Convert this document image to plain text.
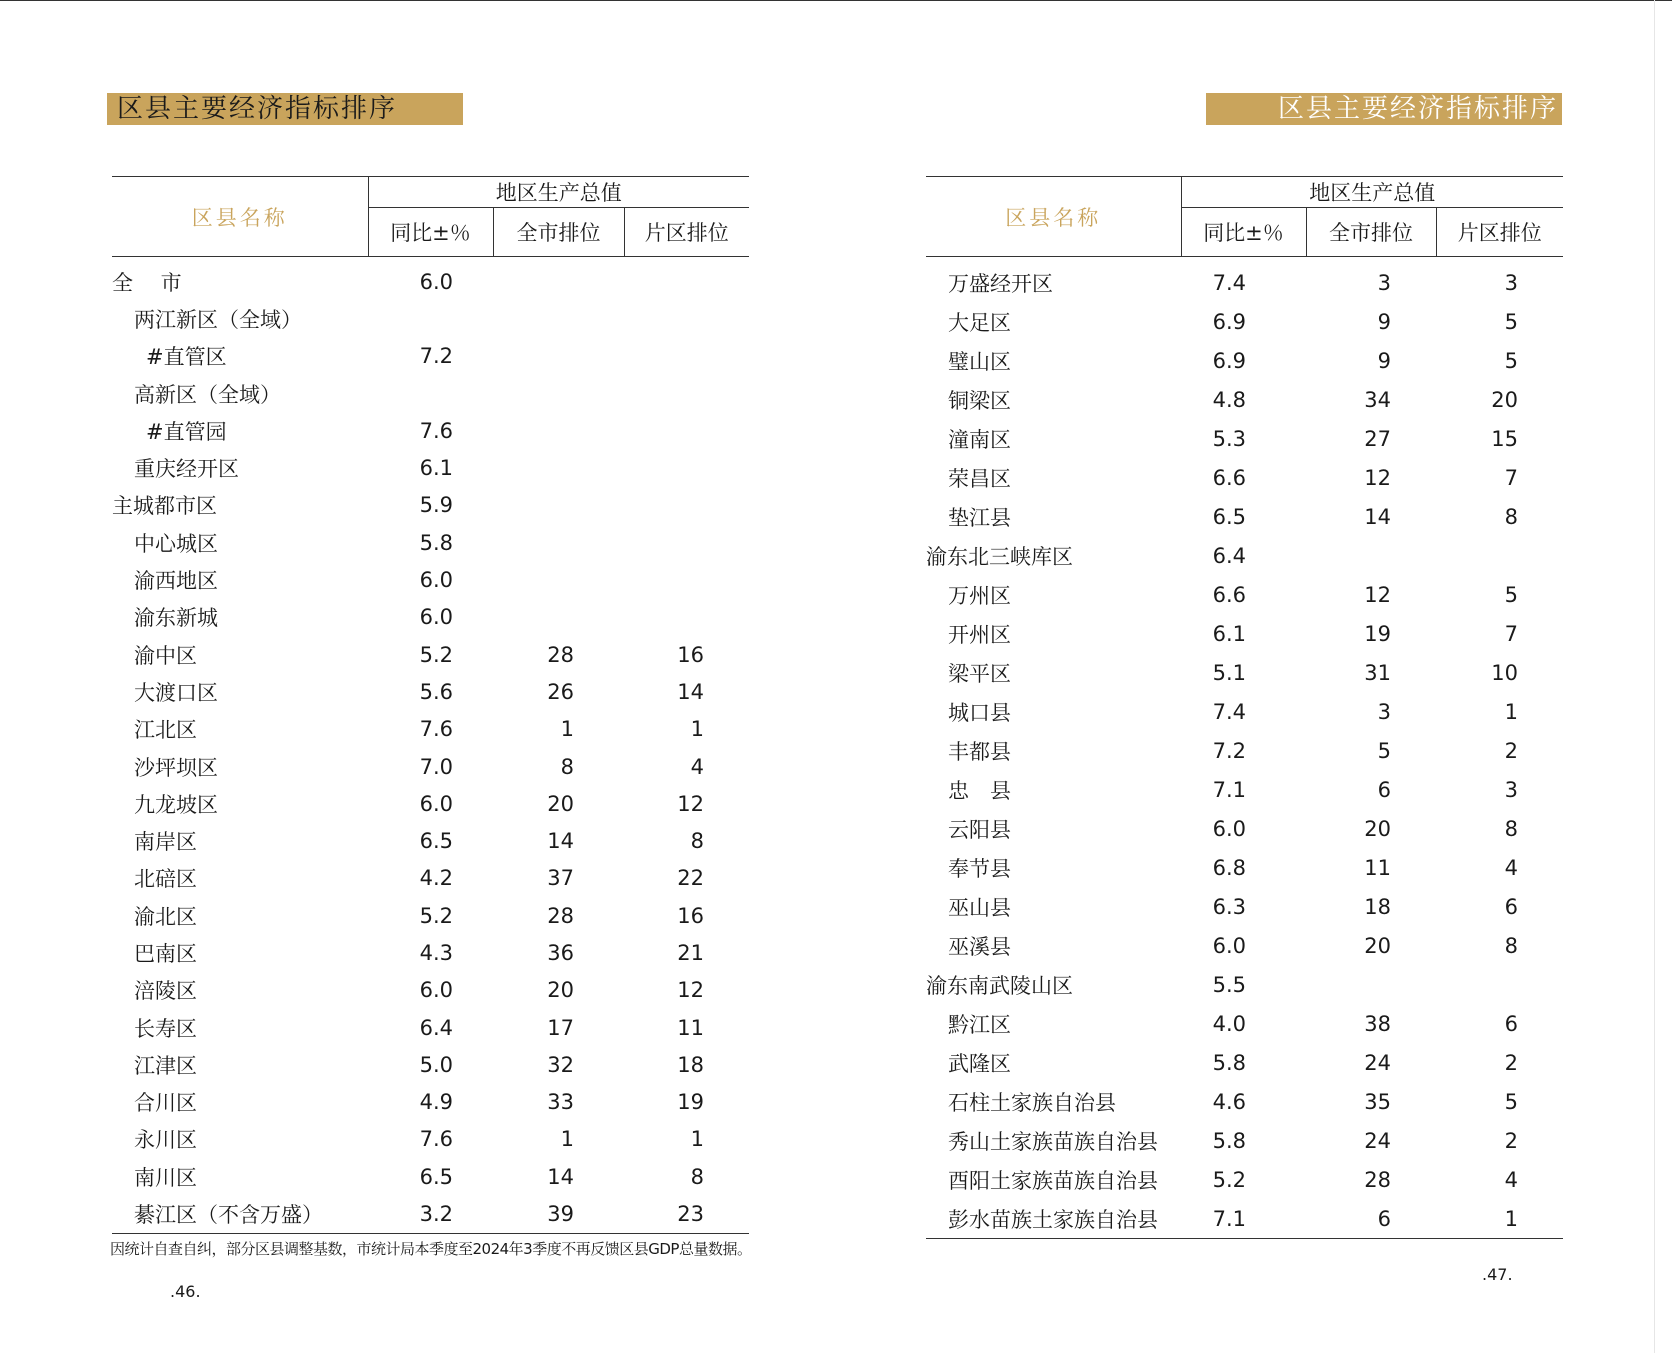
区县主要经济指标排序
区县名称	地区生产总值		
	同比±％	全市排位	片区排位
全　 市	6.0		
两江新区（全域）			
#直管区	7.2		
高新区（全域）			
#直管园	7.6		
重庆经开区	6.1		
主城都市区	5.9		
中心城区	5.8		
渝西地区	6.0		
渝东新城	6.0		
渝中区	5.2	28	16
大渡口区	5.6	26	14
江北区	7.6	1	1
沙坪坝区	7.0	8	4
九龙坡区	6.0	20	12
南岸区	6.5	14	8
北碚区	4.2	37	22
渝北区	5.2	28	16
巴南区	4.3	36	21
涪陵区	6.0	20	12
长寿区	6.4	17	11
江津区	5.0	32	18
合川区	4.9	33	19
永川区	7.6	1	1
南川区	6.5	14	8
綦江区（不含万盛）	3.2	39	23
因统计自查自纠，部分区县调整基数，市统计局本季度至2024年3季度不再反馈区县GDP总量数据。
.46.
区县主要经济指标排序
区县名称	地区生产总值		
	同比±％	全市排位	片区排位
万盛经开区	7.4	3	3
大足区	6.9	9	5
璧山区	6.9	9	5
铜梁区	4.8	34	20
潼南区	5.3	27	15
荣昌区	6.6	12	7
垫江县	6.5	14	8
渝东北三峡库区	6.4		
万州区	6.6	12	5
开州区	6.1	19	7
梁平区	5.1	31	10
城口县	7.4	3	1
丰都县	7.2	5	2
忠　县	7.1	6	3
云阳县	6.0	20	8
奉节县	6.8	11	4
巫山县	6.3	18	6
巫溪县	6.0	20	8
渝东南武陵山区	5.5		
黔江区	4.0	38	6
武隆区	5.8	24	2
石柱土家族自治县	4.6	35	5
秀山土家族苗族自治县	5.8	24	2
酉阳土家族苗族自治县	5.2	28	4
彭水苗族土家族自治县	7.1	6	1
.47.
